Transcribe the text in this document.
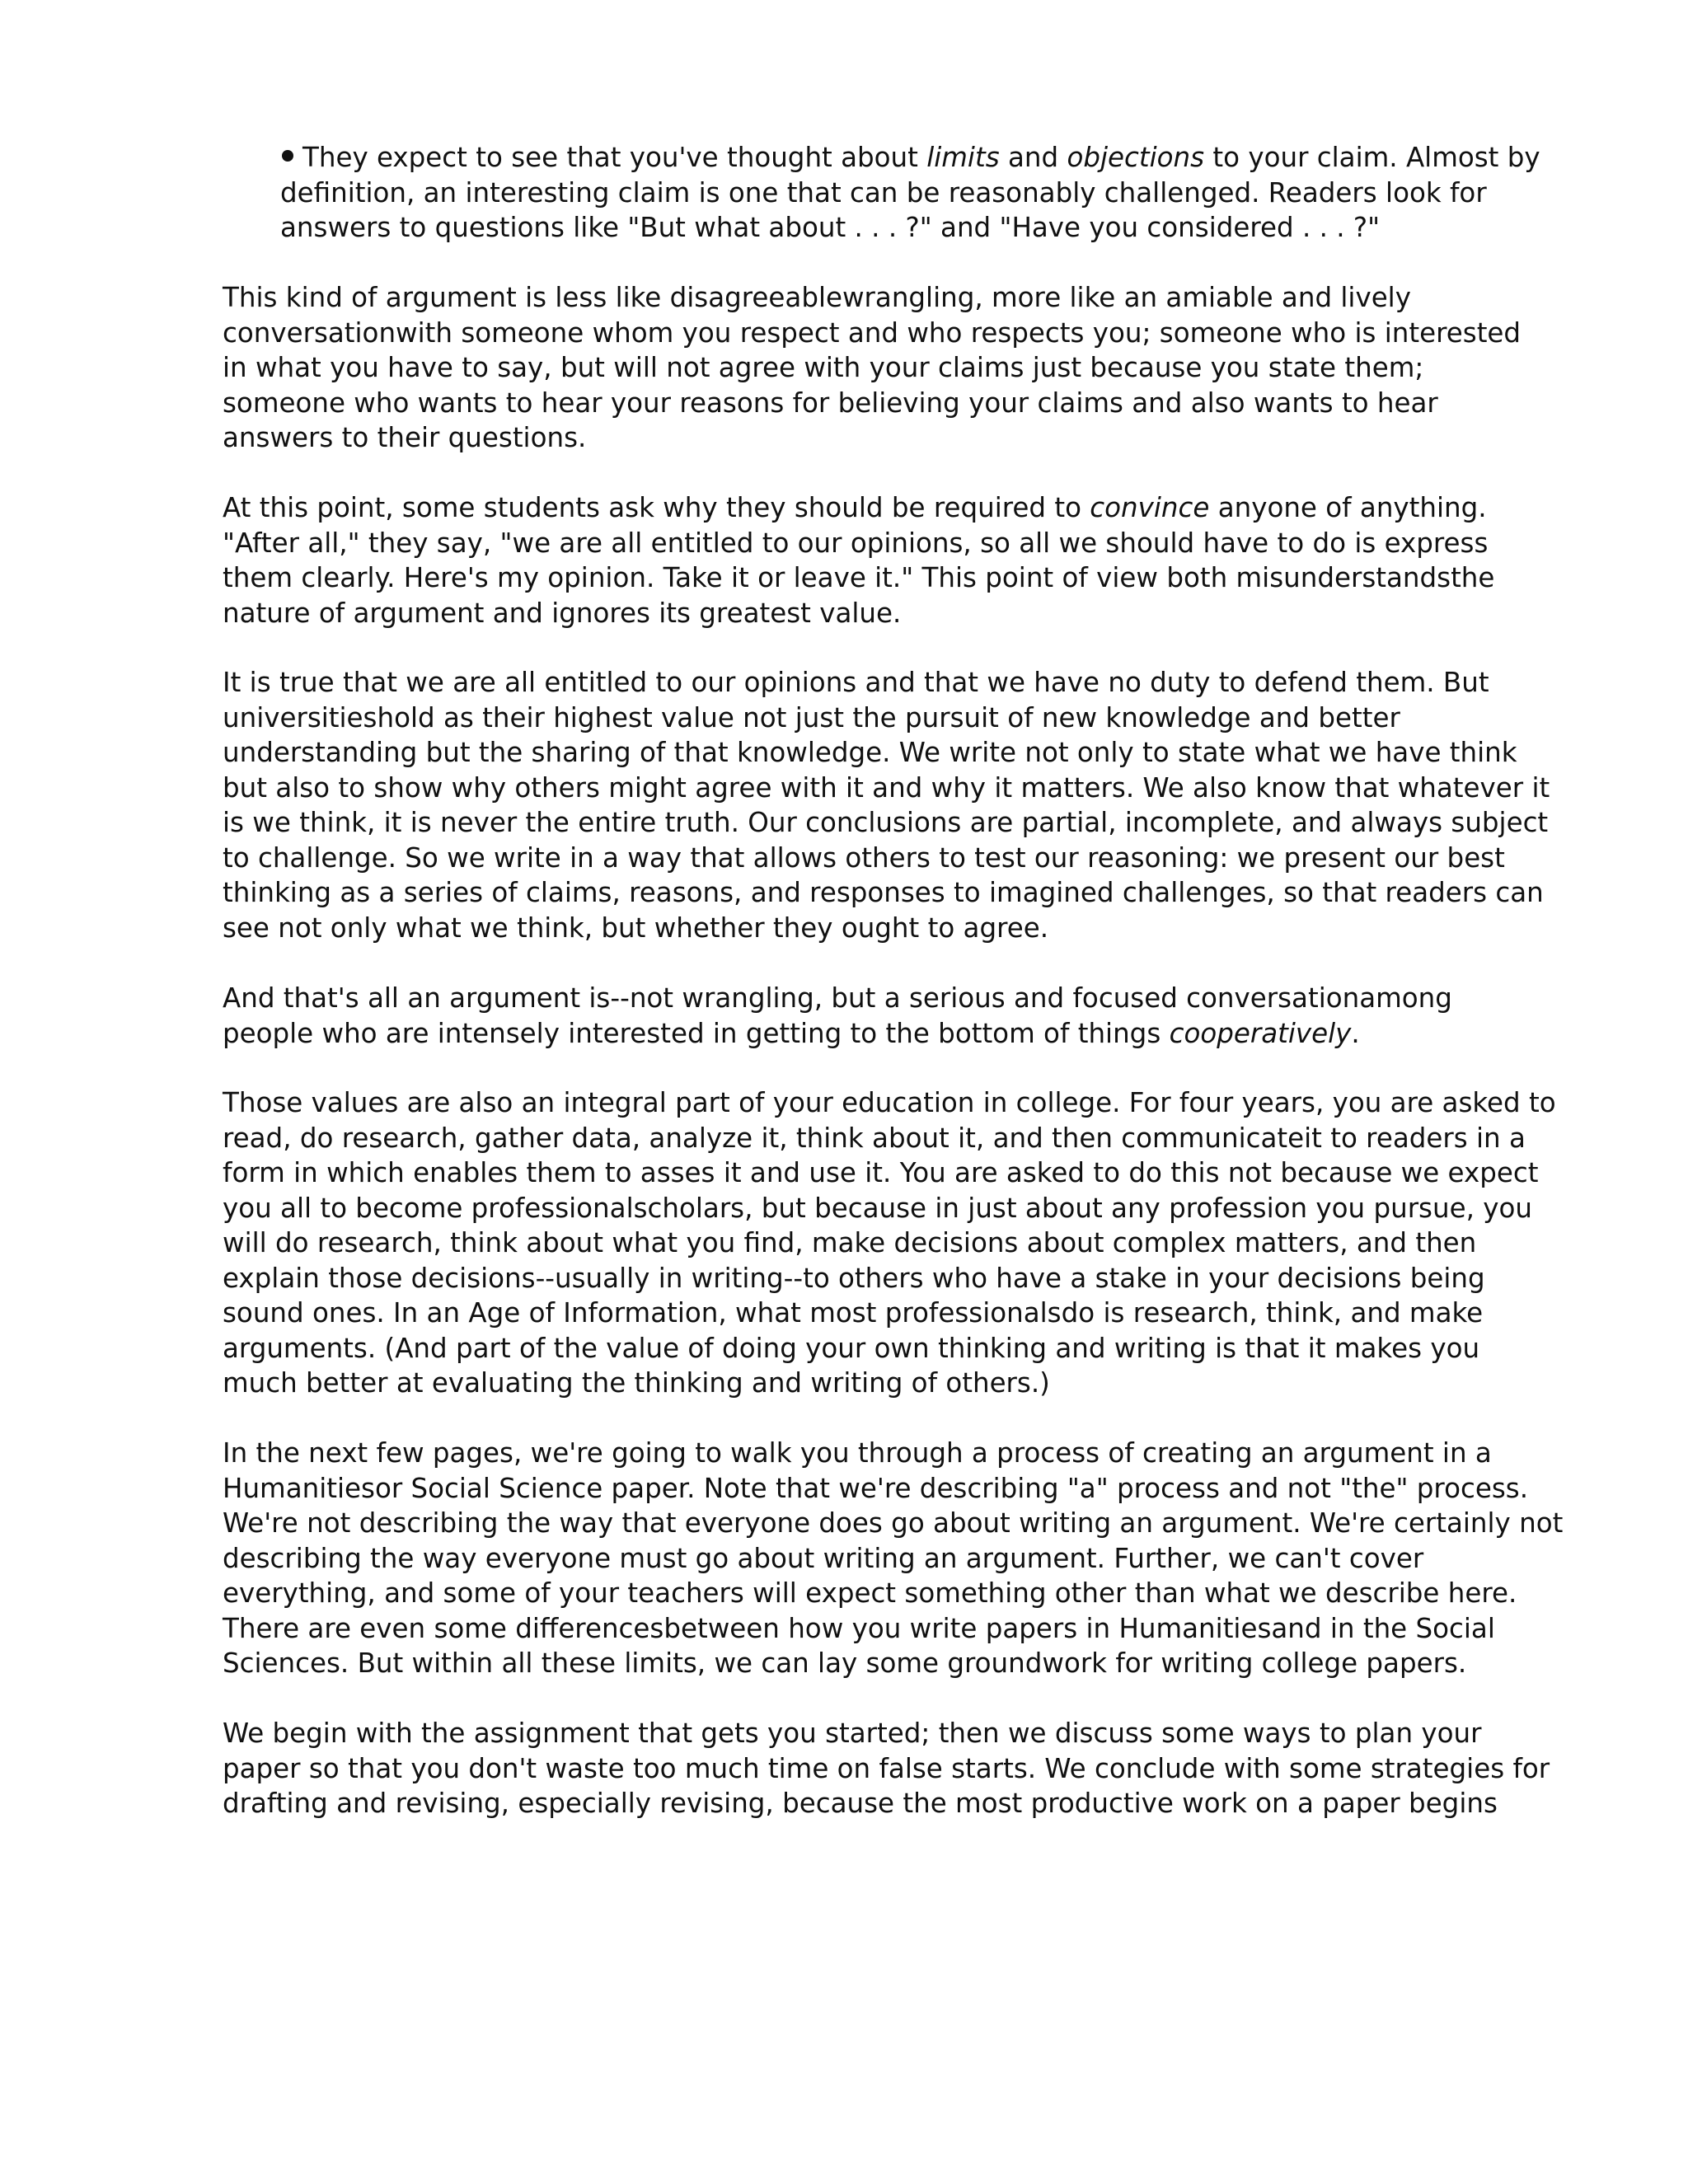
They expect to see that you've thought about limits and objections to your claim. Almost by
definition, an interesting claim is one that can be reasonably challenged. Readers look for
answers to questions like "But what about . . . ?" and "Have you considered . . . ?"
This kind of argument is less like disagreeablewrangling, more like an amiable and lively
conversationwith someone whom you respect and who respects you; someone who is interested
in what you have to say, but will not agree with your claims just because you state them;
someone who wants to hear your reasons for believing your claims and also wants to hear
answers to their questions.
At this point, some students ask why they should be required to convince anyone of anything.
"After all," they say, "we are all entitled to our opinions, so all we should have to do is express
them clearly. Here's my opinion. Take it or leave it." This point of view both misunderstandsthe
nature of argument and ignores its greatest value.
It is true that we are all entitled to our opinions and that we have no duty to defend them. But
universitieshold as their highest value not just the pursuit of new knowledge and better
understanding but the sharing of that knowledge. We write not only to state what we have think
but also to show why others might agree with it and why it matters. We also know that whatever it
is we think, it is never the entire truth. Our conclusions are partial, incomplete, and always subject
to challenge. So we write in a way that allows others to test our reasoning: we present our best
thinking as a series of claims, reasons, and responses to imagined challenges, so that readers can
see not only what we think, but whether they ought to agree.
And that's all an argument is--not wrangling, but a serious and focused conversationamong
people who are intensely interested in getting to the bottom of things cooperatively.
Those values are also an integral part of your education in college. For four years, you are asked to
read, do research, gather data, analyze it, think about it, and then communicateit to readers in a
form in which enables them to asses it and use it. You are asked to do this not because we expect
you all to become professionalscholars, but because in just about any profession you pursue, you
will do research, think about what you find, make decisions about complex matters, and then
explain those decisions--usually in writing--to others who have a stake in your decisions being
sound ones. In an Age of Information, what most professionalsdo is research, think, and make
arguments. (And part of the value of doing your own thinking and writing is that it makes you
much better at evaluating the thinking and writing of others.)
In the next few pages, we're going to walk you through a process of creating an argument in a
Humanitiesor Social Science paper. Note that we're describing "a" process and not "the" process.
We're not describing the way that everyone does go about writing an argument. We're certainly not
describing the way everyone must go about writing an argument. Further, we can't cover
everything, and some of your teachers will expect something other than what we describe here.
There are even some differencesbetween how you write papers in Humanitiesand in the Social
Sciences. But within all these limits, we can lay some groundwork for writing college papers.
We begin with the assignment that gets you started; then we discuss some ways to plan your
paper so that you don't waste too much time on false starts. We conclude with some strategies for
drafting and revising, especially revising, because the most productive work on a paper begins
